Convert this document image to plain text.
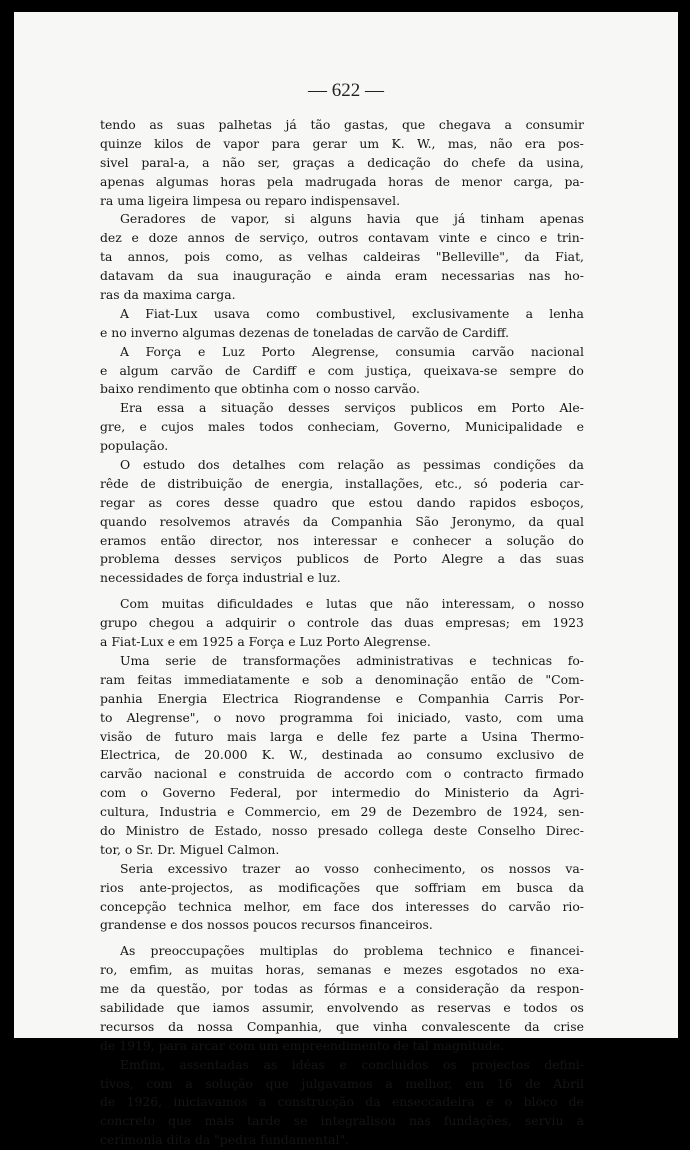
— 622 —
tendo as suas palhetas já tão gastas, que chegava a consumir
quinze kilos de vapor para gerar um K. W., mas, não era pos-
sivel paral-a, a não ser, graças a dedicação do chefe da usina,
apenas algumas horas pela madrugada horas de menor carga, pa-
ra uma ligeira limpesa ou reparo indispensavel.
Geradores de vapor, si alguns havia que já tinham apenas
dez e doze annos de serviço, outros contavam vinte e cinco e trin-
ta annos, pois como, as velhas caldeiras "Belleville", da Fiat,
datavam da sua inauguração e ainda eram necessarias nas ho-
ras da maxima carga.
A Fiat-Lux usava como combustivel, exclusivamente a lenha
e no inverno algumas dezenas de toneladas de carvão de Cardiff.
A Força e Luz Porto Alegrense, consumia carvão nacional
e algum carvão de Cardiff e com justiça, queixava-se sempre do
baixo rendimento que obtinha com o nosso carvão.
Era essa a situação desses serviços publicos em Porto Ale-
gre, e cujos males todos conheciam, Governo, Municipalidade e
população.
O estudo dos detalhes com relação as pessimas condições da
rêde de distribuição de energia, installações, etc., só poderia car-
regar as cores desse quadro que estou dando rapidos esboços,
quando resolvemos através da Companhia São Jeronymo, da qual
eramos então director, nos interessar e conhecer a solução do
problema desses serviços publicos de Porto Alegre a das suas
necessidades de força industrial e luz.
Com muitas dificuldades e lutas que não interessam, o nosso
grupo chegou a adquirir o controle das duas empresas; em 1923
a Fiat-Lux e em 1925 a Força e Luz Porto Alegrense.
Uma serie de transformações administrativas e technicas fo-
ram feitas immediatamente e sob a denominação então de "Com-
panhia Energia Electrica Riograndense e Companhia Carris Por-
to Alegrense", o novo programma foi iniciado, vasto, com uma
visão de futuro mais larga e delle fez parte a Usina Thermo-
Electrica, de 20.000 K. W., destinada ao consumo exclusivo de
carvão nacional e construida de accordo com o contracto firmado
com o Governo Federal, por intermedio do Ministerio da Agri-
cultura, Industria e Commercio, em 29 de Dezembro de 1924, sen-
do Ministro de Estado, nosso presado collega deste Conselho Direc-
tor, o Sr. Dr. Miguel Calmon.
Seria excessivo trazer ao vosso conhecimento, os nossos va-
rios ante-projectos, as modificações que soffriam em busca da
concepção technica melhor, em face dos interesses do carvão rio-
grandense e dos nossos poucos recursos financeiros.
As preoccupações multiplas do problema technico e financei-
ro, emfim, as muitas horas, semanas e mezes esgotados no exa-
me da questão, por todas as fórmas e a consideração da respon-
sabilidade que iamos assumir, envolvendo as reservas e todos os
recursos da nossa Companhia, que vinha convalescente da crise
de 1919, para arcar com um empreendimento de tal magnitude.
Emfim, assentadas as idéas e concluidos os projectos defini-
tivos, com a solução que julgavamos a melhor, em 16 de Abril
de 1926, iniciavamos a construcção da enseccadeira e o bloco de
concreto que mais tarde se integralisou nas fundações, serviu a
cerimonia dita da "pedra fundamental".
